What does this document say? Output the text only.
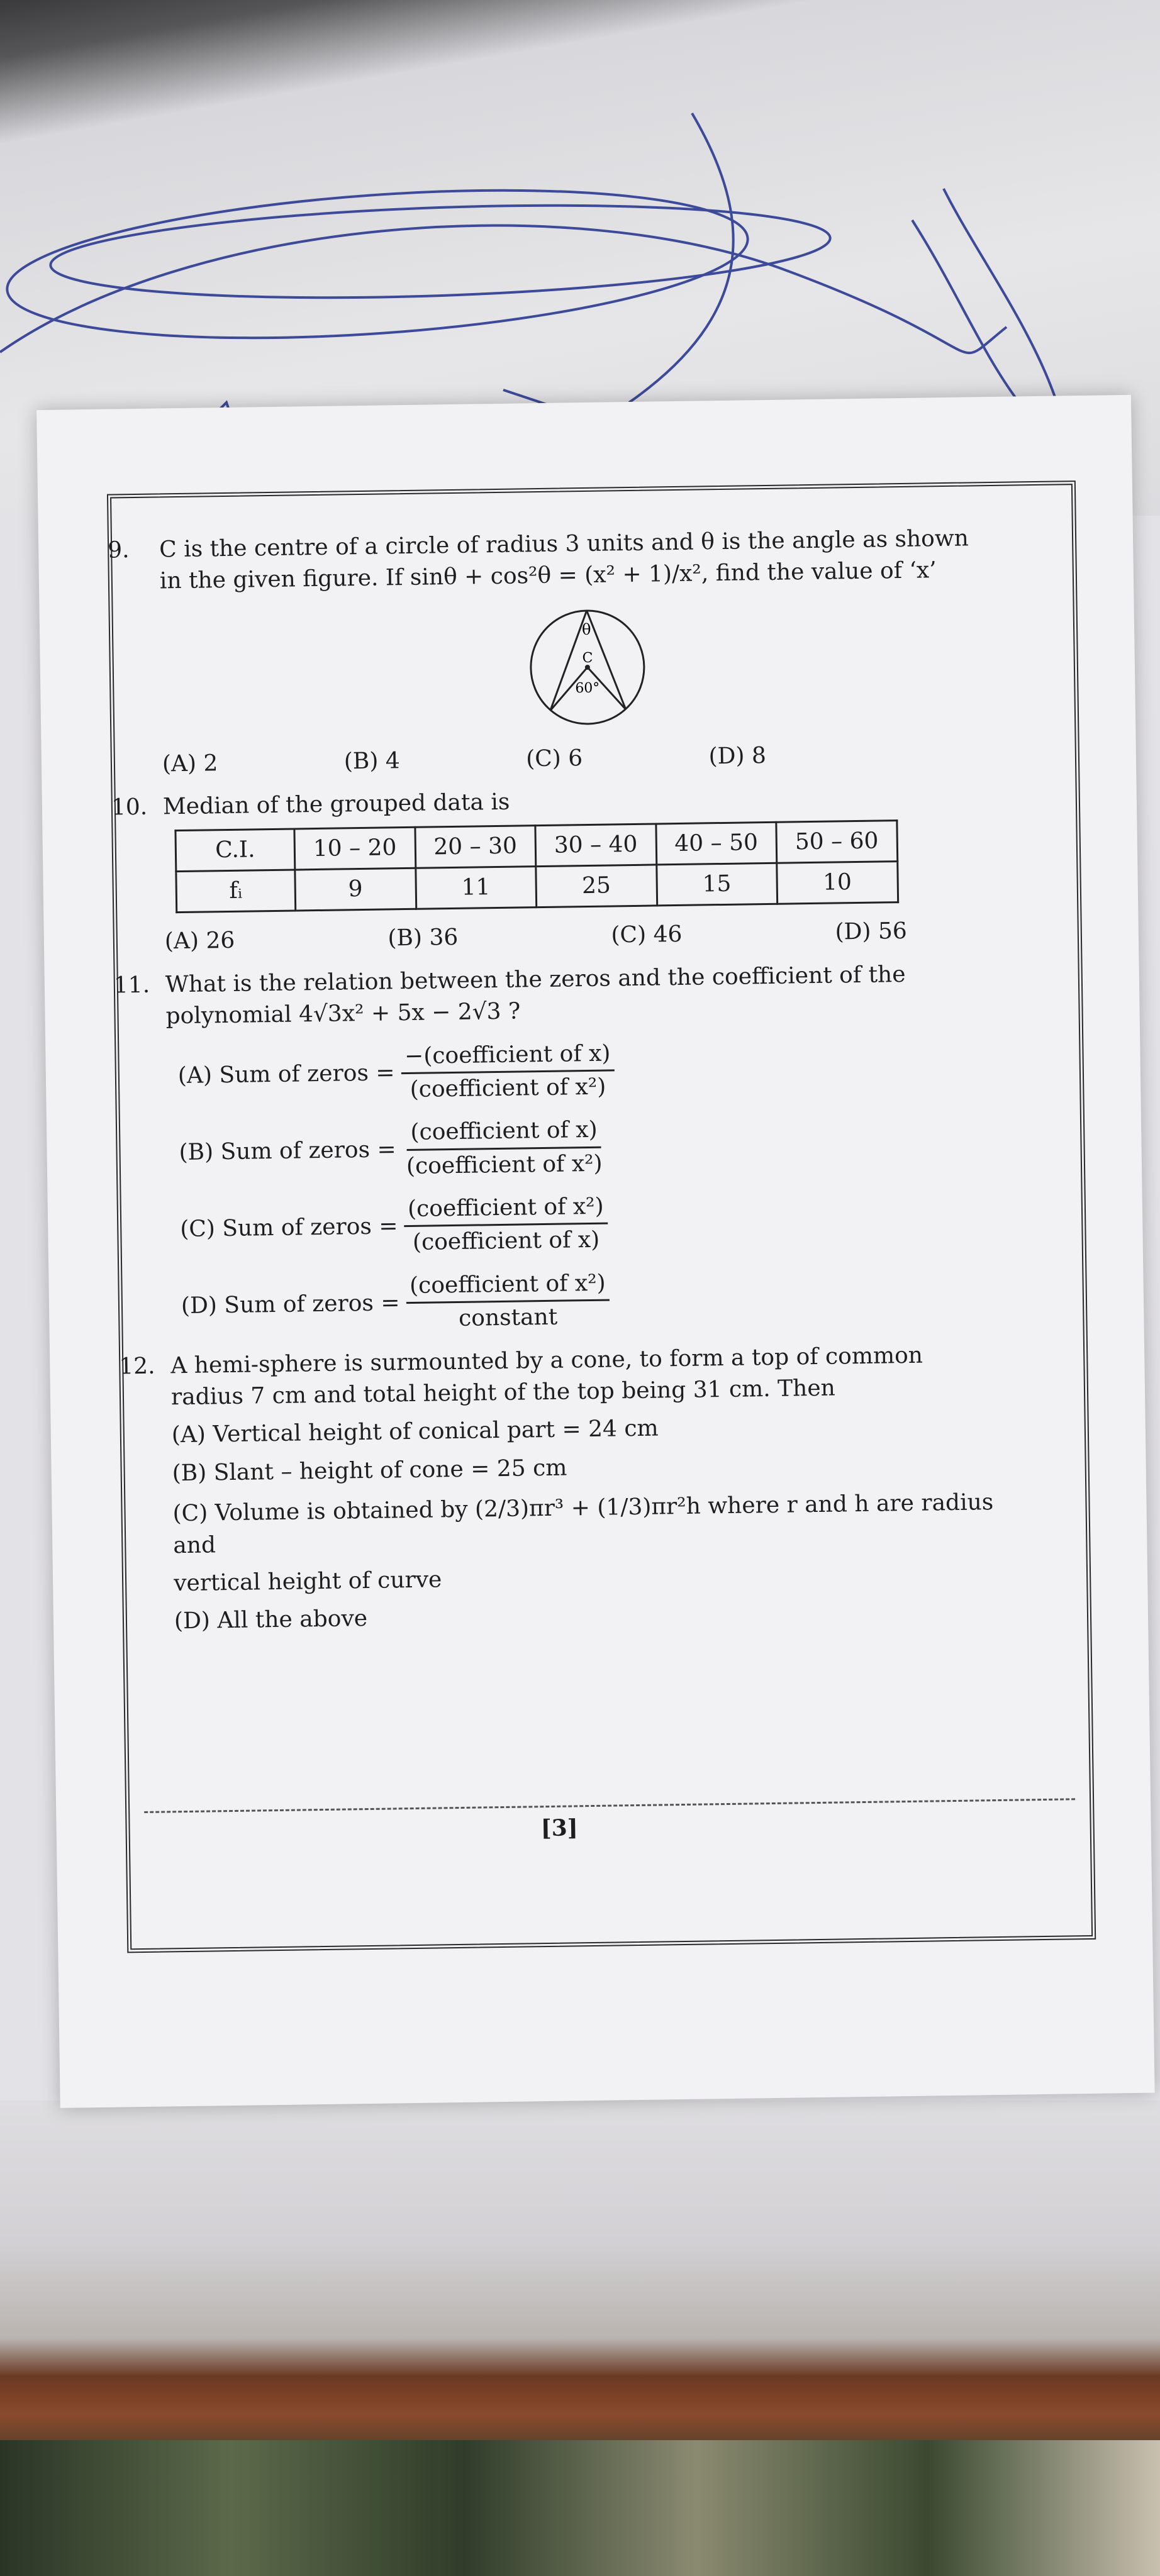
9. C is the centre of a circle of radius 3 units and θ is the angle as shown
in the given figure. If sinθ + cos²θ = (x² + 1)/x², find the value of ‘x’
θ
C
60°
(A) 2	(B) 4	(C) 6	(D) 8
10. Median of the grouped data is
C.I.	10 – 20	20 – 30	30 – 40	40 – 50	50 – 60
fᵢ	9	11	25	15	10
(A) 26	(B) 36	(C) 46	(D) 56
11. What is the relation between the zeros and the coefficient of the
polynomial 4√3x² + 5x − 2√3 ?
(A) Sum of zeros = $\frac{\text{−(coefficient of x)}}{\text{(coefficient of x²)}}$
(B) Sum of zeros = $\frac{\text{(coefficient of x)}}{\text{(coefficient of x²)}}$
(C) Sum of zeros = $\frac{\text{(coefficient of x²)}}{\text{(coefficient of x)}}$
(D) Sum of zeros = $\frac{\text{(coefficient of x²)}}{\text{constant}}$
12. A hemi-sphere is surmounted by a cone, to form a top of common
radius 7 cm and total height of the top being 31 cm. Then
(A) Vertical height of conical part = 24 cm
(B) Slant – height of cone = 25 cm
(C) Volume is obtained by (2/3)πr³ + (1/3)πr²h where r and h are radius and
vertical height of curve
(D) All the above
[3]
